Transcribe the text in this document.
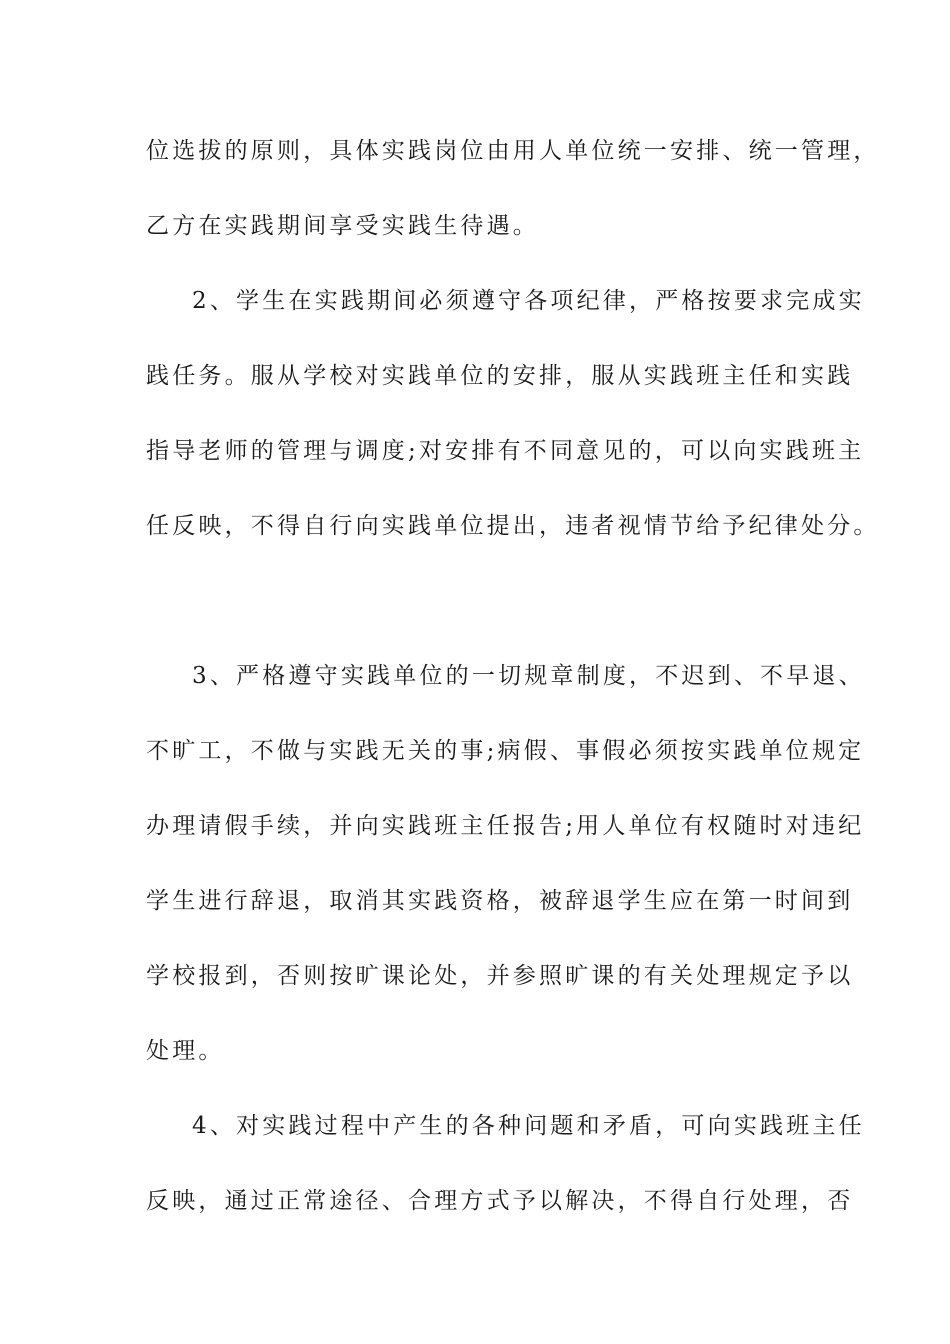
位选拔的原则，具体实践岗位由用人单位统一安排、统一管理，
乙方在实践期间享受实践生待遇。
2、学生在实践期间必须遵守各项纪律，严格按要求完成实
践任务。服从学校对实践单位的安排，服从实践班主任和实践
指导老师的管理与调度;对安排有不同意见的，可以向实践班主
任反映，不得自行向实践单位提出，违者视情节给予纪律处分。
3、严格遵守实践单位的一切规章制度，不迟到、不早退、
不旷工，不做与实践无关的事;病假、事假必须按实践单位规定
办理请假手续，并向实践班主任报告;用人单位有权随时对违纪
学生进行辞退，取消其实践资格，被辞退学生应在第一时间到
学校报到，否则按旷课论处，并参照旷课的有关处理规定予以
处理。
4、对实践过程中产生的各种问题和矛盾，可向实践班主任
反映，通过正常途径、合理方式予以解决，不得自行处理，否
